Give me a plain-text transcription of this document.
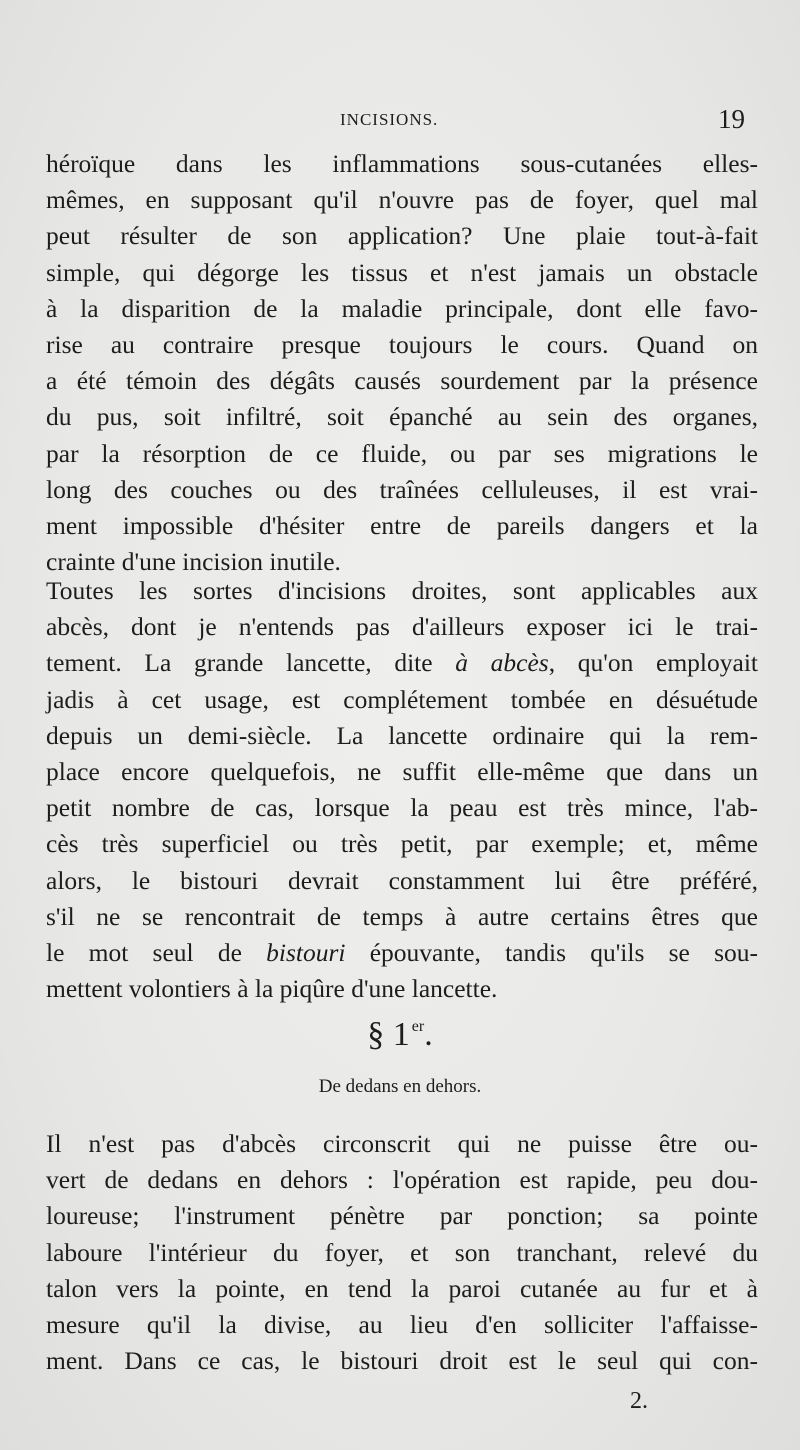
INCISIONS.	19
héroïque dans les inflammations sous-cutanées elles-
mêmes, en supposant qu'il n'ouvre pas de foyer, quel mal
peut résulter de son application? Une plaie tout-à-fait
simple, qui dégorge les tissus et n'est jamais un obstacle
à la disparition de la maladie principale, dont elle favo-
rise au contraire presque toujours le cours. Quand on
a été témoin des dégâts causés sourdement par la présence
du pus, soit infiltré, soit épanché au sein des organes,
par la résorption de ce fluide, ou par ses migrations le
long des couches ou des traînées celluleuses, il est vrai-
ment impossible d'hésiter entre de pareils dangers et la
crainte d'une incision inutile.
Toutes les sortes d'incisions droites, sont applicables aux
abcès, dont je n'entends pas d'ailleurs exposer ici le trai-
tement. La grande lancette, dite à abcès, qu'on employait
jadis à cet usage, est complétement tombée en désuétude
depuis un demi-siècle. La lancette ordinaire qui la rem-
place encore quelquefois, ne suffit elle-même que dans un
petit nombre de cas, lorsque la peau est très mince, l'ab-
cès très superficiel ou très petit, par exemple; et, même
alors, le bistouri devrait constamment lui être préféré,
s'il ne se rencontrait de temps à autre certains êtres que
le mot seul de bistouri épouvante, tandis qu'ils se sou-
mettent volontiers à la piqûre d'une lancette.
§ 1 $^{er}$.
De dedans en dehors.
Il n'est pas d'abcès circonscrit qui ne puisse être ou-
vert de dedans en dehors : l'opération est rapide, peu dou-
loureuse; l'instrument pénètre par ponction; sa pointe
laboure l'intérieur du foyer, et son tranchant, relevé du
talon vers la pointe, en tend la paroi cutanée au fur et à
mesure qu'il la divise, au lieu d'en solliciter l'affaisse-
ment. Dans ce cas, le bistouri droit est le seul qui con-
2.
